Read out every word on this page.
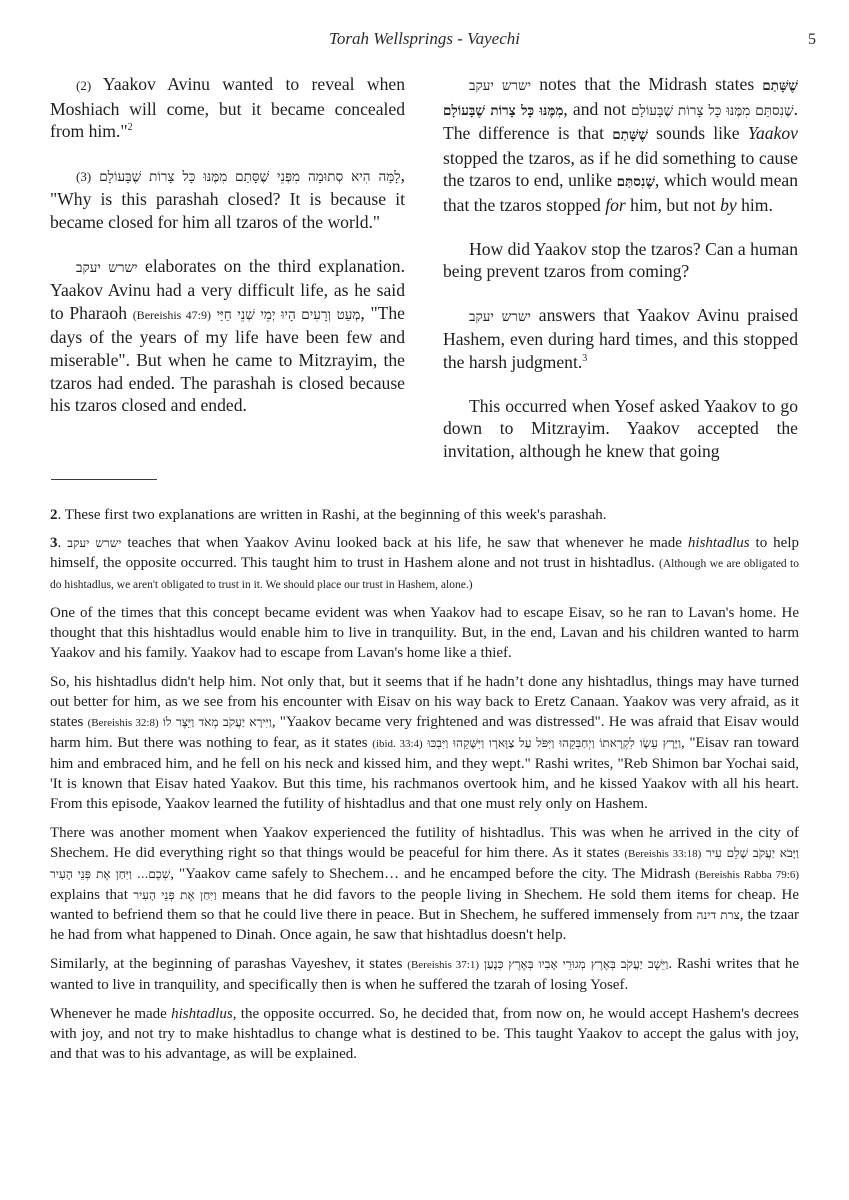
Torah Wellsprings - Vayechi	5

(2) Yaakov Avinu wanted to reveal when Moshiach will come, but it became concealed from him."$^2$

(3) לָמָּה הִיא סְתוּמָה מִפְּנֵי שֶׁסָּתַם מִמֶּנּוּ כָּל צָרוֹת שֶׁבָּעוֹלָם, "Why is this parashah closed? It is because it became closed for him all tzaros of the world."

ישרש יעקב elaborates on the third explanation. Yaakov Avinu had a very difficult life, as he said to Pharaoh (Bereishis 47:9) מְעַט וְרָעִים הָיוּ יְמֵי שְׁנֵי חַיַּי, "The days of the years of my life have been few and miserable". But when he came to Mitzrayim, the tzaros had ended. The parashah is closed because his tzaros closed and ended.

ישרש יעקב notes that the Midrash states שֶׁשָּׁתַם מִמֶּנּוּ כָּל צָרוֹת שֶׁבָּעוֹלָם, and not שֶׁנִסתַּם מִמֶּנּוּ כָּל צָרוֹת שֶׁבָּעוֹלָם. The difference is that שֶׁשָּׁתַם sounds like Yaakov stopped the tzaros, as if he did something to cause the tzaros to end, unlike שֶׁנִסתַּם, which would mean that the tzaros stopped for him, but not by him.

How did Yaakov stop the tzaros? Can a human being prevent tzaros from coming?

ישרש יעקב answers that Yaakov Avinu praised Hashem, even during hard times, and this stopped the harsh judgment.$^3$

This occurred when Yosef asked Yaakov to go down to Mitzrayim. Yaakov accepted the invitation, although he knew that going

2. These first two explanations are written in Rashi, at the beginning of this week's parashah.

3. ישרש יעקב teaches that when Yaakov Avinu looked back at his life, he saw that whenever he made hishtadlus to help himself, the opposite occurred. This taught him to trust in Hashem alone and not trust in hishtadlus. (Although we are obligated to do hishtadlus, we aren't obligated to trust in it. We should place our trust in Hashem, alone.)

One of the times that this concept became evident was when Yaakov had to escape Eisav, so he ran to Lavan's home. He thought that this hishtadlus would enable him to live in tranquility. But, in the end, Lavan and his children wanted to harm Yaakov and his family. Yaakov had to escape from Lavan's home like a thief.

So, his hishtadlus didn't help him. Not only that, but it seems that if he hadn’t done any hishtadlus, things may have turned out better for him, as we see from his encounter with Eisav on his way back to Eretz Canaan. Yaakov was very afraid, as it states (Bereishis 32:8) וַיִּירָא יַעֲקֹב מְאֹד וַיֵּצֶר לוֹ, "Yaakov became very frightened and was distressed". He was afraid that Eisav would harm him. But there was nothing to fear, as it states (ibid. 33:4) וַיָּרָץ עֵשָׂו לִקְרָאתוֹ וַיְחַבְּקֵהוּ וַיִּפֹּל עַל צַוָּארָו וַיִּשָּׁקֵהוּ וַיִּבְכּוּ, "Eisav ran toward him and embraced him, and he fell on his neck and kissed him, and they wept." Rashi writes, "Reb Shimon bar Yochai said, 'It is known that Eisav hated Yaakov. But this time, his rachmanos overtook him, and he kissed Yaakov with all his heart. From this episode, Yaakov learned the futility of hishtadlus and that one must rely only on Hashem.

There was another moment when Yaakov experienced the futility of hishtadlus. This was when he arrived in the city of Shechem. He did everything right so that things would be peaceful for him there. As it states (Bereishis 33:18) וַיָּבֹא יַעֲקֹב שָׁלֵם עִיר שְׁכֶם... וַיִּחַן אֶת פְּנֵי הָעִיר, "Yaakov came safely to Shechem… and he encamped before the city. The Midrash (Bereishis Rabba 79:6) explains that וַיִּחַן אֶת פְּנֵי הָעִיר means that he did favors to the people living in Shechem. He sold them items for cheap. He wanted to befriend them so that he could live there in peace. But in Shechem, he suffered immensely from צרת דינה, the tzaar he had from what happened to Dinah. Once again, he saw that hishtadlus doesn't help.

Similarly, at the beginning of parashas Vayeshev, it states (Bereishis 37:1) וַיֵּשֶׁב יַעֲקֹב בְּאֶרֶץ מְגוּרֵי אָבִיו בְּאֶרֶץ כְּנָעַן. Rashi writes that he wanted to live in tranquility, and specifically then is when he suffered the tzarah of losing Yosef.

Whenever he made hishtadlus, the opposite occurred. So, he decided that, from now on, he would accept Hashem's decrees with joy, and not try to make hishtadlus to change what is destined to be. This taught Yaakov to accept the galus with joy, and that was to his advantage, as will be explained.
